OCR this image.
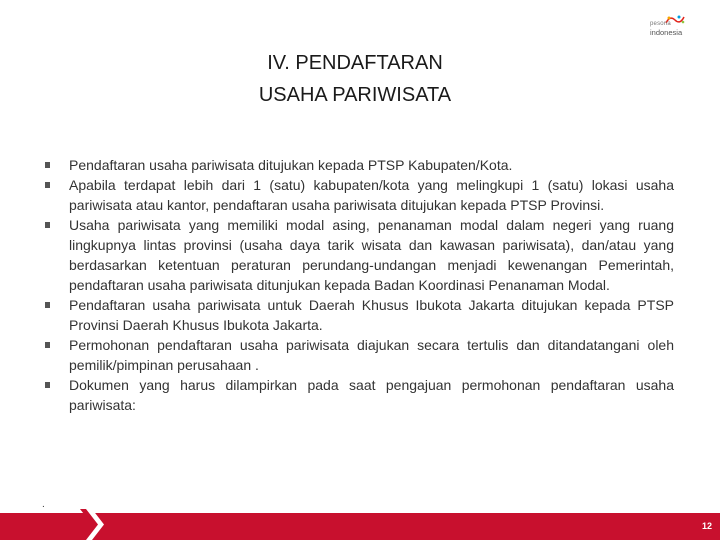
pesona
indonesia
IV. PENDAFTARAN
USAHA PARIWISATA
Pendaftaran usaha pariwisata ditujukan kepada PTSP Kabupaten/Kota.
Apabila terdapat lebih dari 1 (satu) kabupaten/kota yang melingkupi 1 (satu) lokasi usaha pariwisata atau kantor, pendaftaran usaha pariwisata ditujukan kepada PTSP Provinsi.
Usaha pariwisata yang memiliki modal asing, penanaman modal dalam negeri yang ruang lingkupnya lintas provinsi (usaha daya tarik wisata dan kawasan pariwisata), dan/atau yang berdasarkan ketentuan peraturan perundang-undangan menjadi kewenangan Pemerintah, pendaftaran usaha pariwisata ditunjukan kepada Badan Koordinasi Penanaman Modal.
Pendaftaran usaha pariwisata untuk Daerah Khusus Ibukota Jakarta ditujukan kepada PTSP Provinsi Daerah Khusus Ibukota Jakarta.
Permohonan pendaftaran usaha pariwisata diajukan secara tertulis dan ditandatangani oleh pemilik/pimpinan perusahaan .
Dokumen yang harus dilampirkan pada saat pengajuan permohonan pendaftaran usaha pariwisata:
.
12
